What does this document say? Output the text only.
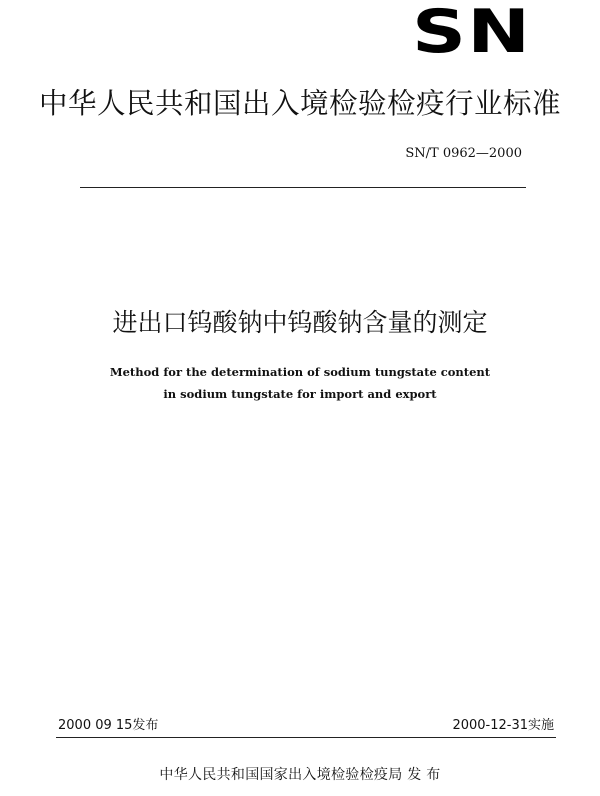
SN
中华人民共和国出入境检验检疫行业标准
SN/T 0962—2000
进出口钨酸钠中钨酸钠含量的测定
Method for the determination of sodium tungstate content
in sodium tungstate for import and export
2000 09 15发布	2000-12-31实施
中华人民共和国国家出入境检验检疫局 发 布
